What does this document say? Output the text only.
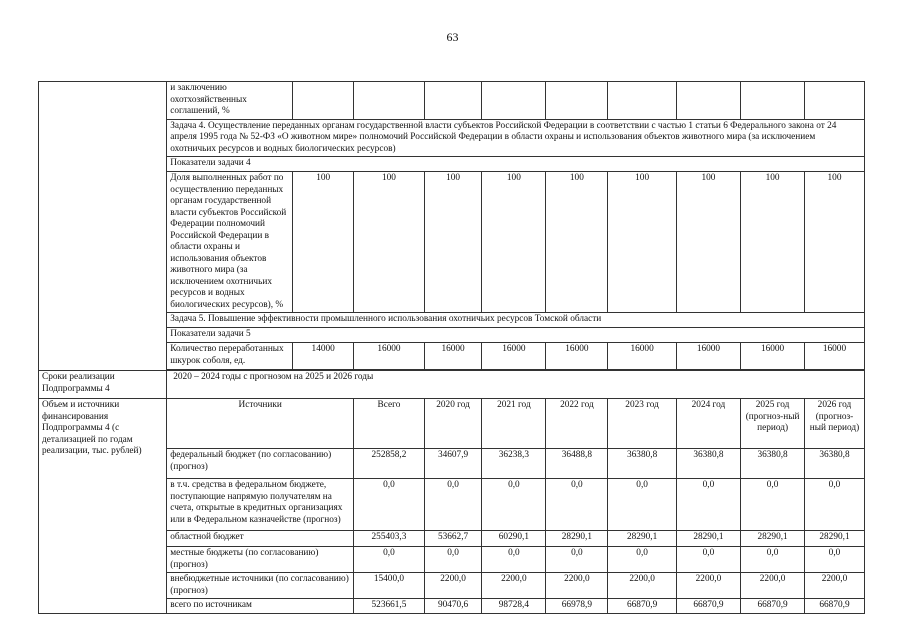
63
	и заключению охотхозяйственных соглашений, %									
	Задача 4. Осуществление переданных органам государственной власти субъектов Российской Федерации в соответствии с частью 1 статьи 6 Федерального закона от 24 апреля 1995 года № 52-ФЗ «О животном мире» полномочий Российской Федерации в области охраны и использования объектов животного мира (за исключением охотничьих ресурсов и водных биологических ресурсов)									
	Показатели задачи 4									
	Доля выполненных работ по осуществлению переданных органам государственной власти субъектов Российской Федерации полномочий Российской Федерации в области охраны и использования объектов животного мира (за исключением охотничьих ресурсов и водных биологических ресурсов), %	100	100	100	100	100	100	100	100	100
	Задача 5. Повышение эффективности промышленного использования охотничьих ресурсов Томской области									
	Показатели задачи 5									
	Количество переработанных шкурок соболя, ед.	14000	16000	16000	16000	16000	16000	16000	16000	16000

Сроки реализации Подпрограммы 4	2020 – 2024 годы с прогнозом на 2025 и 2026 годы									
Объем и источники финансирования Подпрограммы 4 (с детализацией по годам реализации, тыс. рублей)	Источники		Всего	2020 год	2021 год	2022 год	2023 год	2024 год	2025 год (прогноз-ный период)	2026 год (прогноз-ный период)
	федеральный бюджет (по согласованию) (прогноз)		252858,2	34607,9	36238,3	36488,8	36380,8	36380,8	36380,8	36380,8
	в т.ч. средства в федеральном бюджете, поступающие напрямую получателям на счета, открытые в кредитных организациях или в Федеральном казначействе (прогноз)		0,0	0,0	0,0	0,0	0,0	0,0	0,0	0,0
	областной бюджет		255403,3	53662,7	60290,1	28290,1	28290,1	28290,1	28290,1	28290,1
	местные бюджеты (по согласованию) (прогноз)		0,0	0,0	0,0	0,0	0,0	0,0	0,0	0,0
	внебюджетные источники (по согласованию) (прогноз)		15400,0	2200,0	2200,0	2200,0	2200,0	2200,0	2200,0	2200,0
	всего по источникам		523661,5	90470,6	98728,4	66978,9	66870,9	66870,9	66870,9	66870,9
